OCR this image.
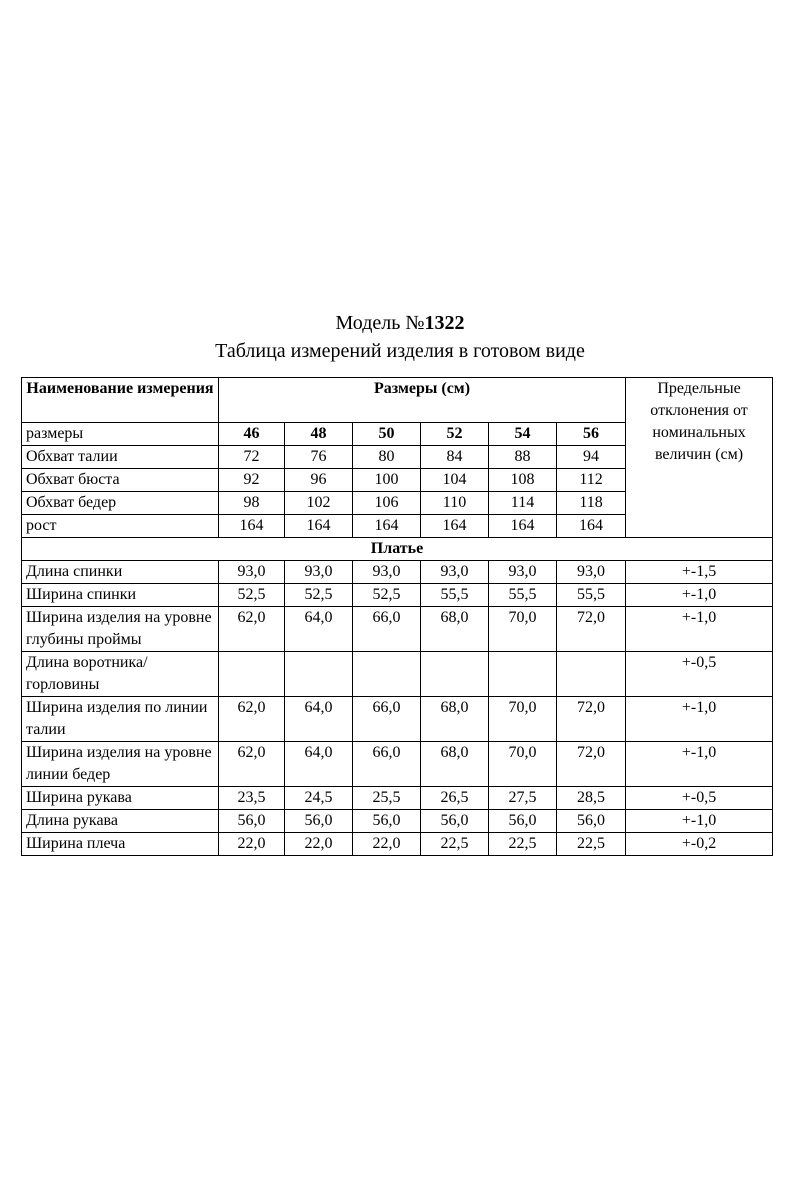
Модель №1322

Таблица измерений изделия в готовом виде

Наименование измерения	Размеры (см)						Предельные отклонения от номинальных величин (см)
размеры	46	48	50	52	54	56	
Обхват талии	72	76	80	84	88	94	
Обхват бюста	92	96	100	104	108	112	
Обхват бедер	98	102	106	110	114	118	
рост	164	164	164	164	164	164	
Платье							
Длина спинки	93,0	93,0	93,0	93,0	93,0	93,0	+-1,5
Ширина спинки	52,5	52,5	52,5	55,5	55,5	55,5	+-1,0
Ширина изделия на уровне глубины проймы	62,0	64,0	66,0	68,0	70,0	72,0	+-1,0
Длина воротника/горловины							+-0,5
Ширина изделия по линии талии	62,0	64,0	66,0	68,0	70,0	72,0	+-1,0
Ширина изделия на уровне линии бедер	62,0	64,0	66,0	68,0	70,0	72,0	+-1,0
Ширина рукава	23,5	24,5	25,5	26,5	27,5	28,5	+-0,5
Длина рукава	56,0	56,0	56,0	56,0	56,0	56,0	+-1,0
Ширина плеча	22,0	22,0	22,0	22,5	22,5	22,5	+-0,2
